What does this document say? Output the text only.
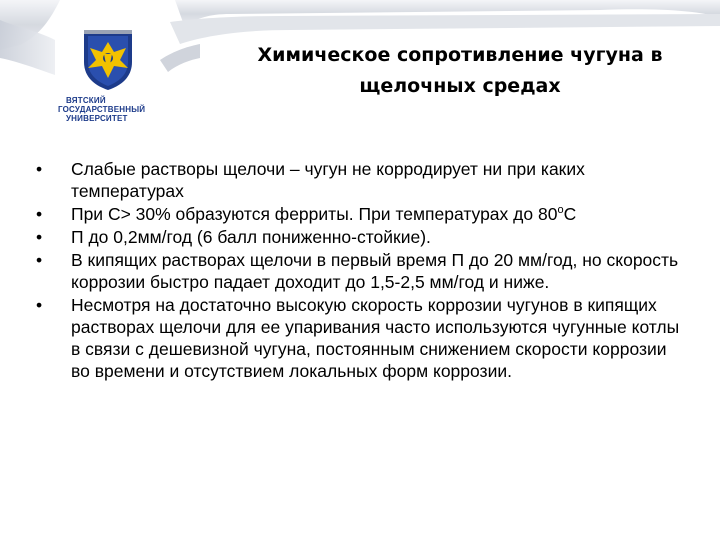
ВЯТСКИЙ
ГОСУДАРСТВЕННЫЙ
УНИВЕРСИТЕТ
Химическое сопротивление чугуна в
щелочных средах
• Слабые растворы щелочи – чугун не корродирует ни при каких температурах
• При С> 30% образуются ферриты. При температурах до $80^оС$
• П до 0,2мм/год (6 балл пониженно-стойкие).
• В кипящих растворах щелочи в первый время П до 20 мм/год, но скорость коррозии быстро падает доходит до 1,5-2,5 мм/год и ниже.
• Несмотря на достаточно высокую скорость коррозии чугунов в кипящих растворах щелочи для ее упаривания часто используются чугунные котлы в связи с дешевизной чугуна, постоянным снижением скорости коррозии во времени и отсутствием локальных форм коррозии.
